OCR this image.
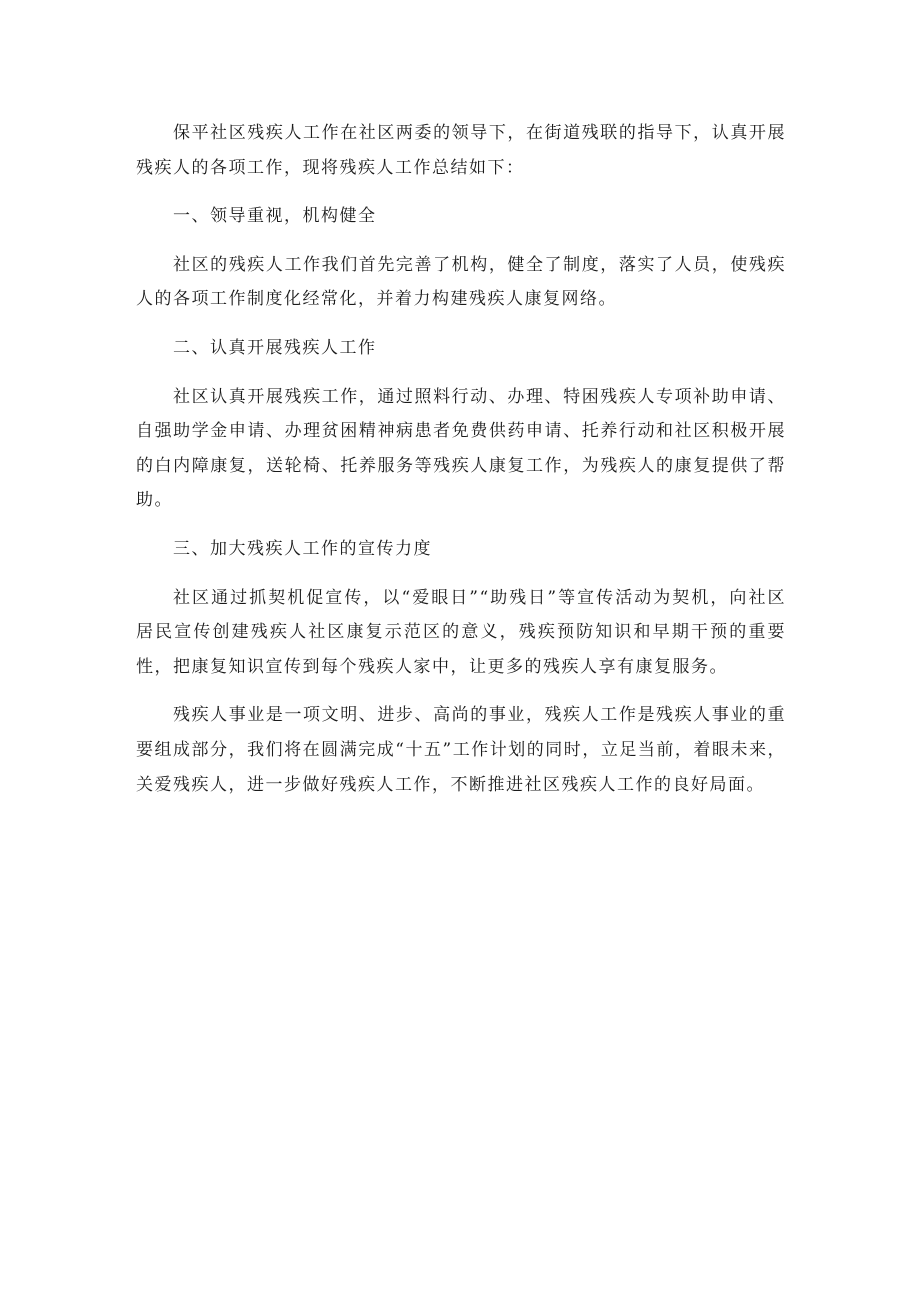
保平社区残疾人工作在社区两委的领导下，在街道残联的指导下，认真开展残疾人的各项工作，现将残疾人工作总结如下：

一、领导重视，机构健全

社区的残疾人工作我们首先完善了机构，健全了制度，落实了人员，使残疾人的各项工作制度化经常化，并着力构建残疾人康复网络。

二、认真开展残疾人工作

社区认真开展残疾工作，通过照料行动、办理、特困残疾人专项补助申请、自强助学金申请、办理贫困精神病患者免费供药申请、托养行动和社区积极开展的白内障康复，送轮椅、托养服务等残疾人康复工作，为残疾人的康复提供了帮助。

三、加大残疾人工作的宣传力度

社区通过抓契机促宣传，以“爱眼日”“助残日”等宣传活动为契机，向社区居民宣传创建残疾人社区康复示范区的意义，残疾预防知识和早期干预的重要性，把康复知识宣传到每个残疾人家中，让更多的残疾人享有康复服务。

残疾人事业是一项文明、进步、高尚的事业，残疾人工作是残疾人事业的重要组成部分，我们将在圆满完成“十五”工作计划的同时，立足当前，着眼未来，关爱残疾人，进一步做好残疾人工作，不断推进社区残疾人工作的良好局面。
